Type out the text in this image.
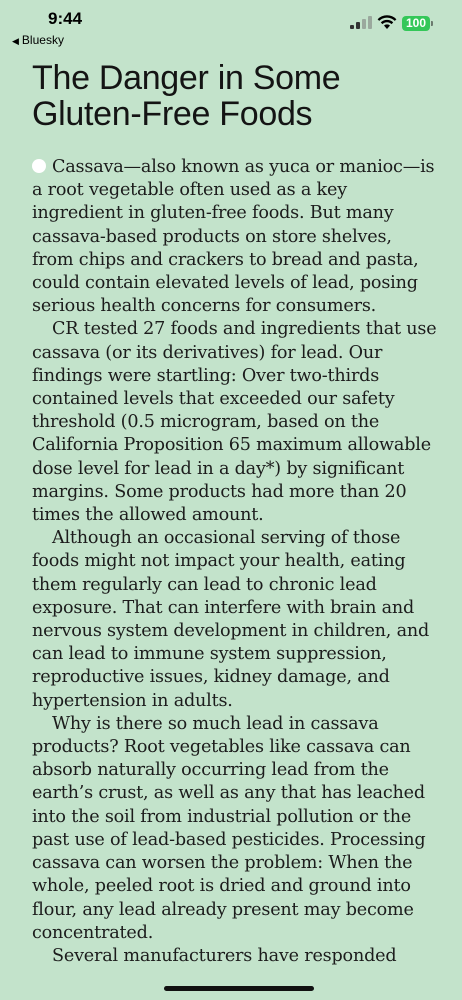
9:44
◀ Bluesky
100
The Danger in Some Gluten-Free Foods

Cassava—also known as yuca or manioc—is a root vegetable often used as a key ingredient in gluten-free foods. But many cassava-based products on store shelves, from chips and crackers to bread and pasta, could contain elevated levels of lead, posing serious health concerns for consumers.

CR tested 27 foods and ingredients that use cassava (or its derivatives) for lead. Our findings were startling: Over two-thirds contained levels that exceeded our safety threshold (0.5 microgram, based on the California Proposition 65 maximum allowable dose level for lead in a day*) by significant margins. Some products had more than 20 times the allowed amount.

Although an occasional serving of those foods might not impact your health, eating them regularly can lead to chronic lead exposure. That can interfere with brain and nervous system development in children, and can lead to immune system suppression, reproductive issues, kidney damage, and hypertension in adults.

Why is there so much lead in cassava products? Root vegetables like cassava can absorb naturally occurring lead from the earth’s crust, as well as any that has leached into the soil from industrial pollution or the past use of lead-based pesticides. Processing cassava can worsen the problem: When the whole, peeled root is dried and ground into flour, any lead already present may become concentrated.

Several manufacturers have responded
